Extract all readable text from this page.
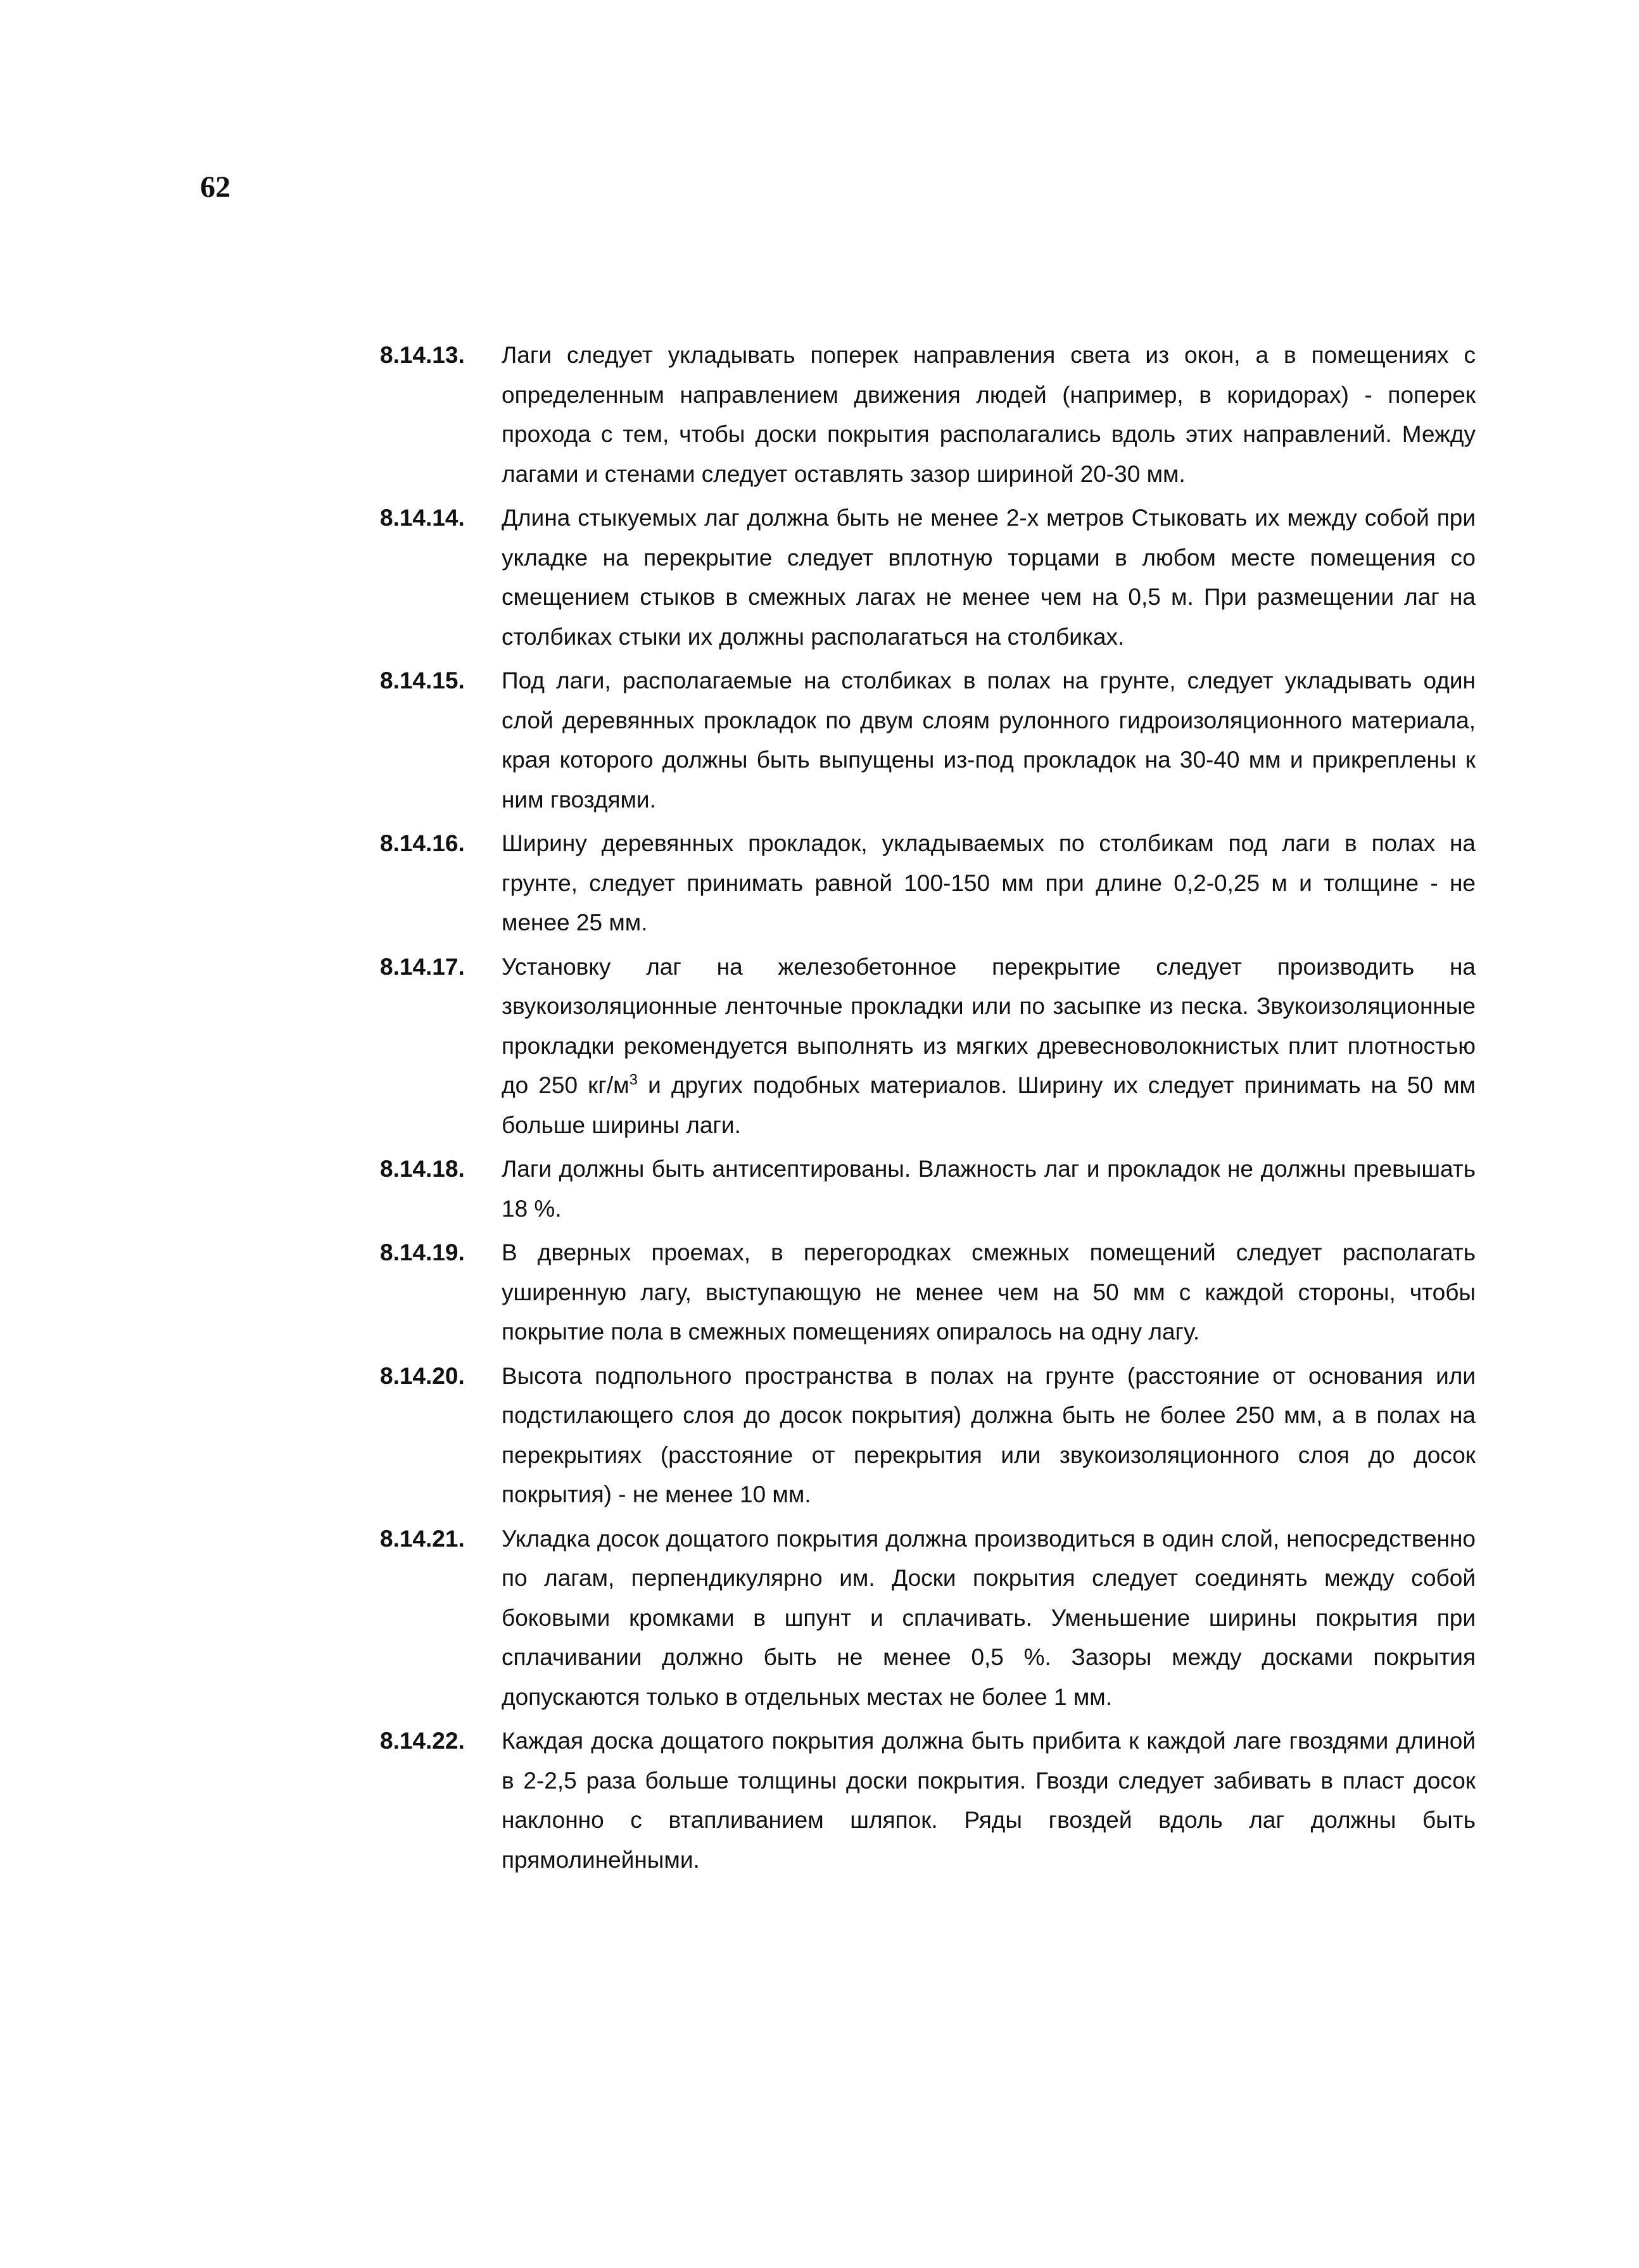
62
8.14.13.	Лаги следует укладывать поперек направления света из окон, а в помещениях с определенным направлением движения людей (например, в коридорах) - поперек прохода с тем, чтобы доски покрытия располагались вдоль этих направлений. Между лагами и стенами следует оставлять зазор шириной 20-30 мм.

8.14.14.	Длина стыкуемых лаг должна быть не менее 2-х метров Стыковать их между собой при укладке на перекрытие следует вплотную торцами в любом месте помещения со смещением стыков в смежных лагах не менее чем на 0,5 м. При размещении лаг на столбиках стыки их должны располагаться на столбиках.

8.14.15.	Под лаги, располагаемые на столбиках в полах на грунте, следует укладывать один слой деревянных прокладок по двум слоям рулонного гидроизоляционного материала, края которого должны быть выпущены из-под прокладок на 30-40 мм и прикреплены к ним гвоздями.

8.14.16.	Ширину деревянных прокладок, укладываемых по столбикам под лаги в полах на грунте, следует принимать равной 100-150 мм при длине 0,2-0,25 м и толщине - не менее 25 мм.

8.14.17.	Установку лаг на железобетонное перекрытие следует производить на звукоизоляционные ленточные прокладки или по засыпке из песка. Звукоизоляционные прокладки рекомендуется выполнять из мягких древесноволокнистых плит плотностью до 250 $кг/м^3$ и других подобных материалов. Ширину их следует принимать на 50 мм больше ширины лаги.

8.14.18.	Лаги должны быть антисептированы. Влажность лаг и прокладок не должны превышать 18 %.

8.14.19.	В дверных проемах, в перегородках смежных помещений следует располагать уширенную лагу, выступающую не менее чем на 50 мм с каждой стороны, чтобы покрытие пола в смежных помещениях опиралось на одну лагу.

8.14.20.	Высота подпольного пространства в полах на грунте (расстояние от основания или подстилающего слоя до досок покрытия) должна быть не более 250 мм, а в полах на перекрытиях (расстояние от перекрытия или звукоизоляционного слоя до досок покрытия) - не менее 10 мм.

8.14.21.	Укладка досок дощатого покрытия должна производиться в один слой, непосредственно по лагам, перпендикулярно им. Доски покрытия следует соединять между собой боковыми кромками в шпунт и сплачивать. Уменьшение ширины покрытия при сплачивании должно быть не менее 0,5 %. Зазоры между досками покрытия допускаются только в отдельных местах не более 1 мм.

8.14.22.	Каждая доска дощатого покрытия должна быть прибита к каждой лаге гвоздями длиной в 2-2,5 раза больше толщины доски покрытия. Гвозди следует забивать в пласт досок наклонно с втапливанием шляпок. Ряды гвоздей вдоль лаг должны быть прямолинейными.
